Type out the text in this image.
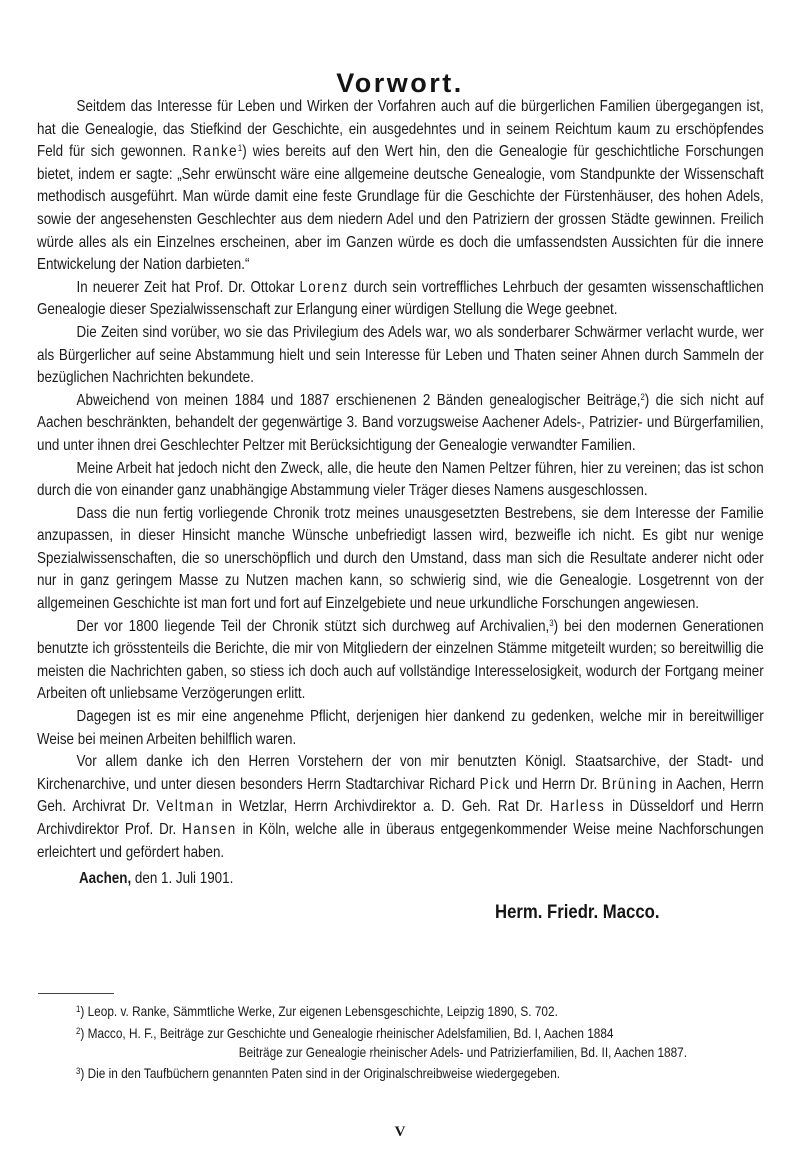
Vorwort.

Seitdem das Interesse für Leben und Wirken der Vorfahren auch auf die bürgerlichen Familien übergegangen ist, hat die Genealogie, das Stiefkind der Geschichte, ein ausgedehntes und in seinem Reichtum kaum zu erschöpfendes Feld für sich gewonnen. Ranke$^1$) wies bereits auf den Wert hin, den die Genealogie für geschichtliche Forschungen bietet, indem er sagte: „Sehr erwünscht wäre eine allgemeine deutsche Genealogie, vom Standpunkte der Wissenschaft methodisch ausgeführt. Man würde damit eine feste Grundlage für die Geschichte der Fürstenhäuser, des hohen Adels, sowie der angesehensten Geschlechter aus dem niedern Adel und den Patriziern der grossen Städte gewinnen. Freilich würde alles als ein Einzelnes erscheinen, aber im Ganzen würde es doch die umfassendsten Aussichten für die innere Entwickelung der Nation darbieten.“

In neuerer Zeit hat Prof. Dr. Ottokar Lorenz durch sein vortreffliches Lehrbuch der gesamten wissenschaftlichen Genealogie dieser Spezialwissenschaft zur Erlangung einer würdigen Stellung die Wege geebnet.

Die Zeiten sind vorüber, wo sie das Privilegium des Adels war, wo als sonderbarer Schwärmer verlacht wurde, wer als Bürgerlicher auf seine Abstammung hielt und sein Interesse für Leben und Thaten seiner Ahnen durch Sammeln der bezüglichen Nachrichten bekundete.

Abweichend von meinen 1884 und 1887 erschienenen 2 Bänden genealogischer Beiträge,$^2$) die sich nicht auf Aachen beschränkten, behandelt der gegenwärtige 3. Band vorzugsweise Aachener Adels-, Patrizier- und Bürgerfamilien, und unter ihnen drei Geschlechter Peltzer mit Berücksichtigung der Genealogie verwandter Familien.

Meine Arbeit hat jedoch nicht den Zweck, alle, die heute den Namen Peltzer führen, hier zu vereinen; das ist schon durch die von einander ganz unabhängige Abstammung vieler Träger dieses Namens ausgeschlossen.

Dass die nun fertig vorliegende Chronik trotz meines unausgesetzten Bestrebens, sie dem Interesse der Familie anzupassen, in dieser Hinsicht manche Wünsche unbefriedigt lassen wird, bezweifle ich nicht. Es gibt nur wenige Spezialwissenschaften, die so unerschöpflich und durch den Umstand, dass man sich die Resultate anderer nicht oder nur in ganz geringem Masse zu Nutzen machen kann, so schwierig sind, wie die Genealogie. Losgetrennt von der allgemeinen Geschichte ist man fort und fort auf Einzelgebiete und neue urkundliche Forschungen angewiesen.

Der vor 1800 liegende Teil der Chronik stützt sich durchweg auf Archivalien,$^3$) bei den modernen Generationen benutzte ich grösstenteils die Berichte, die mir von Mitgliedern der einzelnen Stämme mitgeteilt wurden; so bereitwillig die meisten die Nachrichten gaben, so stiess ich doch auch auf vollständige Interesselosigkeit, wodurch der Fortgang meiner Arbeiten oft unliebsame Verzögerungen erlitt.

Dagegen ist es mir eine angenehme Pflicht, derjenigen hier dankend zu gedenken, welche mir in bereitwilliger Weise bei meinen Arbeiten behilflich waren.

Vor allem danke ich den Herren Vorstehern der von mir benutzten Königl. Staatsarchive, der Stadt- und Kirchenarchive, und unter diesen besonders Herrn Stadtarchivar Richard Pick und Herrn Dr. Brüning in Aachen, Herrn Geh. Archivrat Dr. Veltman in Wetzlar, Herrn Archivdirektor a. D. Geh. Rat Dr. Harless in Düsseldorf und Herrn Archivdirektor Prof. Dr. Hansen in Köln, welche alle in überaus entgegenkommender Weise meine Nachforschungen erleichtert und gefördert haben.

Aachen, den 1. Juli 1901.
Herm. Friedr. Macco.
$^1$) Leop. v. Ranke, Sämmtliche Werke, Zur eigenen Lebensgeschichte, Leipzig 1890, S. 702.
$^2$) Macco, H. F., Beiträge zur Geschichte und Genealogie rheinischer Adelsfamilien, Bd. I, Aachen 1884
Beiträge zur Genealogie rheinischer Adels- und Patrizierfamilien, Bd. II, Aachen 1887.
$^3$) Die in den Taufbüchern genannten Paten sind in der Originalschreibweise wiedergegeben.
V
